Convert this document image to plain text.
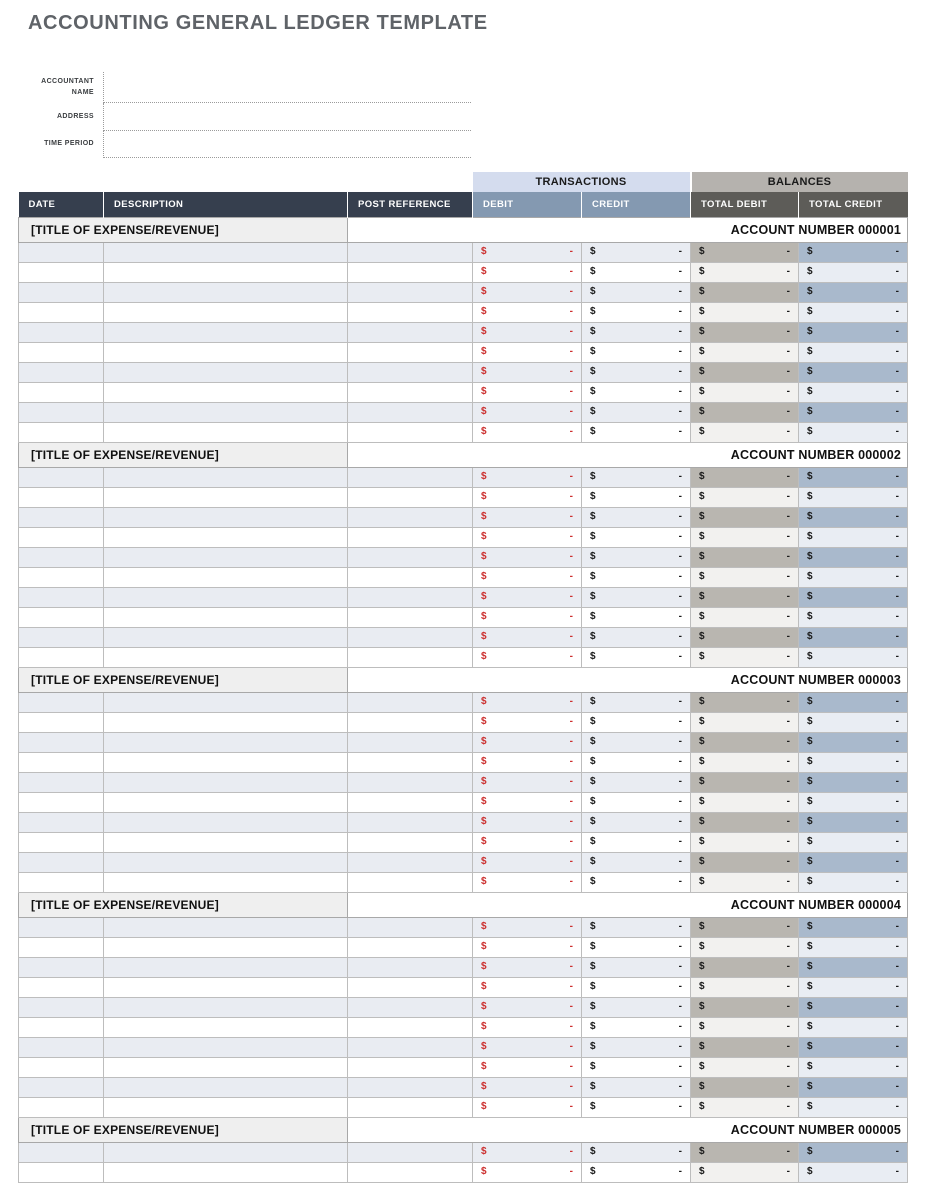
ACCOUNTING GENERAL LEDGER TEMPLATE
ACCOUNTANT NAME
ADDRESS
TIME PERIOD
			TRANSACTIONS		BALANCES	
DATE	DESCRIPTION	POST REFERENCE	DEBIT	CREDIT	TOTAL DEBIT	TOTAL CREDIT
[TITLE OF EXPENSE/REVENUE]		ACCOUNT NUMBER 000001				

			$ -	$ -	$ -	$ -

			$ -	$ -	$ -	$ -

			$ -	$ -	$ -	$ -

			$ -	$ -	$ -	$ -

			$ -	$ -	$ -	$ -

			$ -	$ -	$ -	$ -

			$ -	$ -	$ -	$ -

			$ -	$ -	$ -	$ -

			$ -	$ -	$ -	$ -

			$ -	$ -	$ -	$ -

[TITLE OF EXPENSE/REVENUE]		ACCOUNT NUMBER 000002				

			$ -	$ -	$ -	$ -

			$ -	$ -	$ -	$ -

			$ -	$ -	$ -	$ -

			$ -	$ -	$ -	$ -

			$ -	$ -	$ -	$ -

			$ -	$ -	$ -	$ -

			$ -	$ -	$ -	$ -

			$ -	$ -	$ -	$ -

			$ -	$ -	$ -	$ -

			$ -	$ -	$ -	$ -

[TITLE OF EXPENSE/REVENUE]		ACCOUNT NUMBER 000003				

			$ -	$ -	$ -	$ -

			$ -	$ -	$ -	$ -

			$ -	$ -	$ -	$ -

			$ -	$ -	$ -	$ -

			$ -	$ -	$ -	$ -

			$ -	$ -	$ -	$ -

			$ -	$ -	$ -	$ -

			$ -	$ -	$ -	$ -

			$ -	$ -	$ -	$ -

			$ -	$ -	$ -	$ -

[TITLE OF EXPENSE/REVENUE]		ACCOUNT NUMBER 000004				

			$ -	$ -	$ -	$ -

			$ -	$ -	$ -	$ -

			$ -	$ -	$ -	$ -

			$ -	$ -	$ -	$ -

			$ -	$ -	$ -	$ -

			$ -	$ -	$ -	$ -

			$ -	$ -	$ -	$ -

			$ -	$ -	$ -	$ -

			$ -	$ -	$ -	$ -

			$ -	$ -	$ -	$ -

[TITLE OF EXPENSE/REVENUE]		ACCOUNT NUMBER 000005				

			$ -	$ -	$ -	$ -

			$ -	$ -	$ -	$ -
